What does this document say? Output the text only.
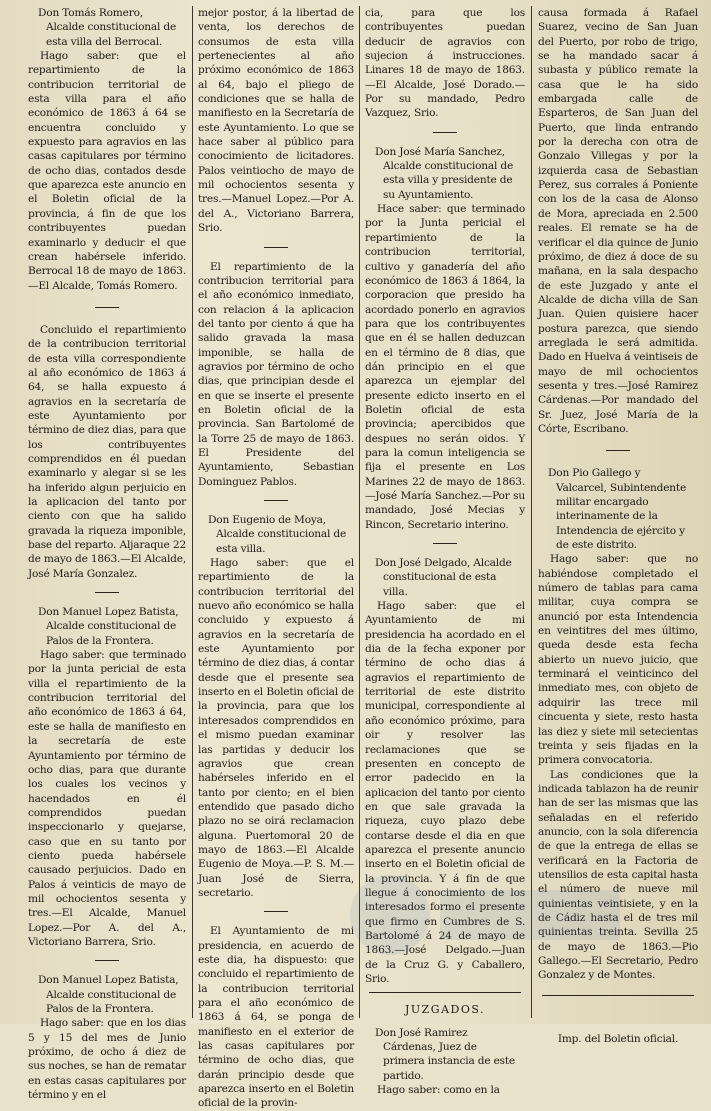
Don Tomás Romero, Alcalde constitucional de esta villa del Berrocal.

Hago saber: que el repartimiento de la contribucion territorial de esta villa para el año económico de 1863 á 64 se encuentra concluido y expuesto para agravios en las casas capitulares por término de ocho dias, contados desde que aparezca este anuncio en el Boletin oficial de la provincia, á fin de que los contribuyentes puedan examinarlo y deducir el que crean habérsele inferido. Berrocal 18 de mayo de 1863.—El Alcalde, Tomás Romero.

Concluido el repartimiento de la contribucion territorial de esta villa correspondiente al año económico de 1863 á 64, se halla expuesto á agravios en la secretaría de este Ayuntamiento por término de diez dias, para que los contribuyentes comprendidos en él puedan examinarlo y alegar si se les ha inferido algun perjuicio en la aplicacion del tanto por ciento con que ha salido gravada la riqueza imponible, base del reparto. Aljaraque 22 de mayo de 1863.—El Alcalde, José María Gonzalez.

Don Manuel Lopez Batista, Alcalde constitucional de Palos de la Frontera.

Hago saber: que terminado por la junta pericial de esta villa el repartimiento de la contribucion territorial del año económico de 1863 á 64, este se halla de manifiesto en la secretaría de este Ayuntamiento por término de ocho dias, para que durante los cuales los vecinos y hacendados en él comprendidos puedan inspeccionarlo y quejarse, caso que en su tanto por ciento pueda habérsele causado perjuicios. Dado en Palos á veinticis de mayo de mil ochocientos sesenta y tres.—El Alcalde, Manuel Lopez.—Por A. del A., Victoriano Barrera, Srio.

Don Manuel Lopez Batista, Alcalde constitucional de Palos de la Frontera.

Hago saber: que en los dias 5 y 15 del mes de Junio próximo, de ocho á diez de sus noches, se han de rematar en estas casas capitulares por término y en el

mejor postor, á la libertad de venta, los derechos de consumos de esta villa pertenecientes al año próximo económico de 1863 al 64, bajo el pliego de condiciones que se halla de manifiesto en la Secretaría de este Ayuntamiento. Lo que se hace saber al público para conocimiento de licitadores. Palos veintiocho de mayo de mil ochocientos sesenta y tres.—Manuel Lopez.—Por A. del A., Victoriano Barrera, Srio.

El repartimiento de la contribucion territorial para el año económico inmediato, con relacion á la aplicacion del tanto por ciento á que ha salido gravada la masa imponible, se halla de agravios por término de ocho dias, que principian desde el en que se inserte el presente en Boletin oficial de la provincia. San Bartolomé de la Torre 25 de mayo de 1863. El Presidente del Ayuntamiento, Sebastian Dominguez Pablos.

Don Eugenio de Moya, Alcalde constitucional de esta villa.

Hago saber: que el repartimiento de la contribucion territorial del nuevo año económico se halla concluido y expuesto á agravios en la secretaría de este Ayuntamiento por término de diez dias, á contar desde que el presente sea inserto en el Boletin oficial de la provincia, para que los interesados comprendidos en el mismo puedan examinar las partidas y deducir los agravios que crean habérseles inferido en el tanto por ciento; en el bien entendido que pasado dicho plazo no se oirá reclamacion alguna. Puertomoral 20 de mayo de 1863.—El Alcalde Eugenio de Moya.—P. S. M.—Juan José de Sierra, secretario.

El Ayuntamiento de mi presidencia, en acuerdo de este dia, ha dispuesto: que concluido el repartimiento de la contribucion territorial para el año económico de 1863 á 64, se ponga de manifiesto en el exterior de las casas capitulares por término de ocho dias, que darán principio desde que aparezca inserto en el Boletin oficial de la provin-

cia, para que los contribuyentes puedan deducir de agravios con sujecion á instrucciones. Linares 18 de mayo de 1863.—El Alcalde, José Dorado.—Por su mandado, Pedro Vazquez, Srio.

Don José María Sanchez, Alcalde constitucional de esta villa y presidente de su Ayuntamiento.

Hace saber: que terminado por la Junta pericial el repartimiento de la contribucion territorial, cultivo y ganadería del año económico de 1863 á 1864, la corporacion que presido ha acordado ponerlo en agravios para que los contribuyentes que en él se hallen deduzcan en el término de 8 dias, que dán principio en el que aparezca un ejemplar del presente edicto inserto en el Boletin oficial de esta provincia; apercibidos que despues no serán oidos. Y para la comun inteligencia se fija el presente en Los Marines 22 de mayo de 1863.—José María Sanchez.—Por su mandado, José Mecias y Rincon, Secretario interino.

Don José Delgado, Alcalde constitucional de esta villa.

Hago saber: que el Ayuntamiento de mi presidencia ha acordado en el dia de la fecha exponer por término de ocho dias á agravios el repartimiento de territorial de este distrito municipal, correspondiente al año económico próximo, para oir y resolver las reclamaciones que se presenten en concepto de error padecido en la aplicacion del tanto por ciento en que sale gravada la riqueza, cuyo plazo debe contarse desde el dia en que aparezca el presente anuncio inserto en el Boletin oficial de la provincia. Y á fin de que llegue á conocimiento de los interesados formo el presente que firmo en Cumbres de S. Bartolomé á 24 de mayo de 1863.—José Delgado.—Juan de la Cruz G. y Caballero, Srio.

JUZGADOS.
Don José Ramirez Cárdenas, Juez de primera instancia de este partido.

Hago saber: como en la

causa formada á Rafael Suarez, vecino de San Juan del Puerto, por robo de trigo, se ha mandado sacar á subasta y público remate la casa que le ha sido embargada calle de Esparteros, de San Juan del Puerto, que linda entrando por la derecha con otra de Gonzalo Villegas y por la izquierda casa de Sebastian Perez, sus corrales á Poniente con los de la casa de Alonso de Mora, apreciada en 2.500 reales. El remate se ha de verificar el dia quince de Junio próximo, de diez á doce de su mañana, en la sala despacho de este Juzgado y ante el Alcalde de dicha villa de San Juan. Quien quisiere hacer postura parezca, que siendo arreglada le será admitida. Dado en Huelva á veintiseis de mayo de mil ochocientos sesenta y tres.—José Ramirez Cárdenas.—Por mandado del Sr. Juez, José María de la Córte, Escribano.

Don Pio Gallego y Valcarcel, Subintendente militar encargado interinamente de la Intendencia de ejército y de este distrito.

Hago saber: que no habiéndose completado el número de tablas para cama militar, cuya compra se anunció por esta Intendencia en veintitres del mes último, queda desde esta fecha abierto un nuevo juicio, que terminará el veinticinco del inmediato mes, con objeto de adquirir las trece mil cincuenta y siete, resto hasta las diez y siete mil setecientas treinta y seis fijadas en la primera convocatoria.

Las condiciones que la indicada tablazon ha de reunir han de ser las mismas que las señaladas en el referido anuncio, con la sola diferencia de que la entrega de ellas se verificará en la Factoria de utensilios de esta capital hasta el número de nueve mil quinientas veintisiete, y en la de Cádiz hasta el de tres mil quinientas treinta. Sevilla 25 de mayo de 1863.—Pio Gallego.—El Secretario, Pedro Gonzalez y de Montes.

Imp. del Boletin oficial.
